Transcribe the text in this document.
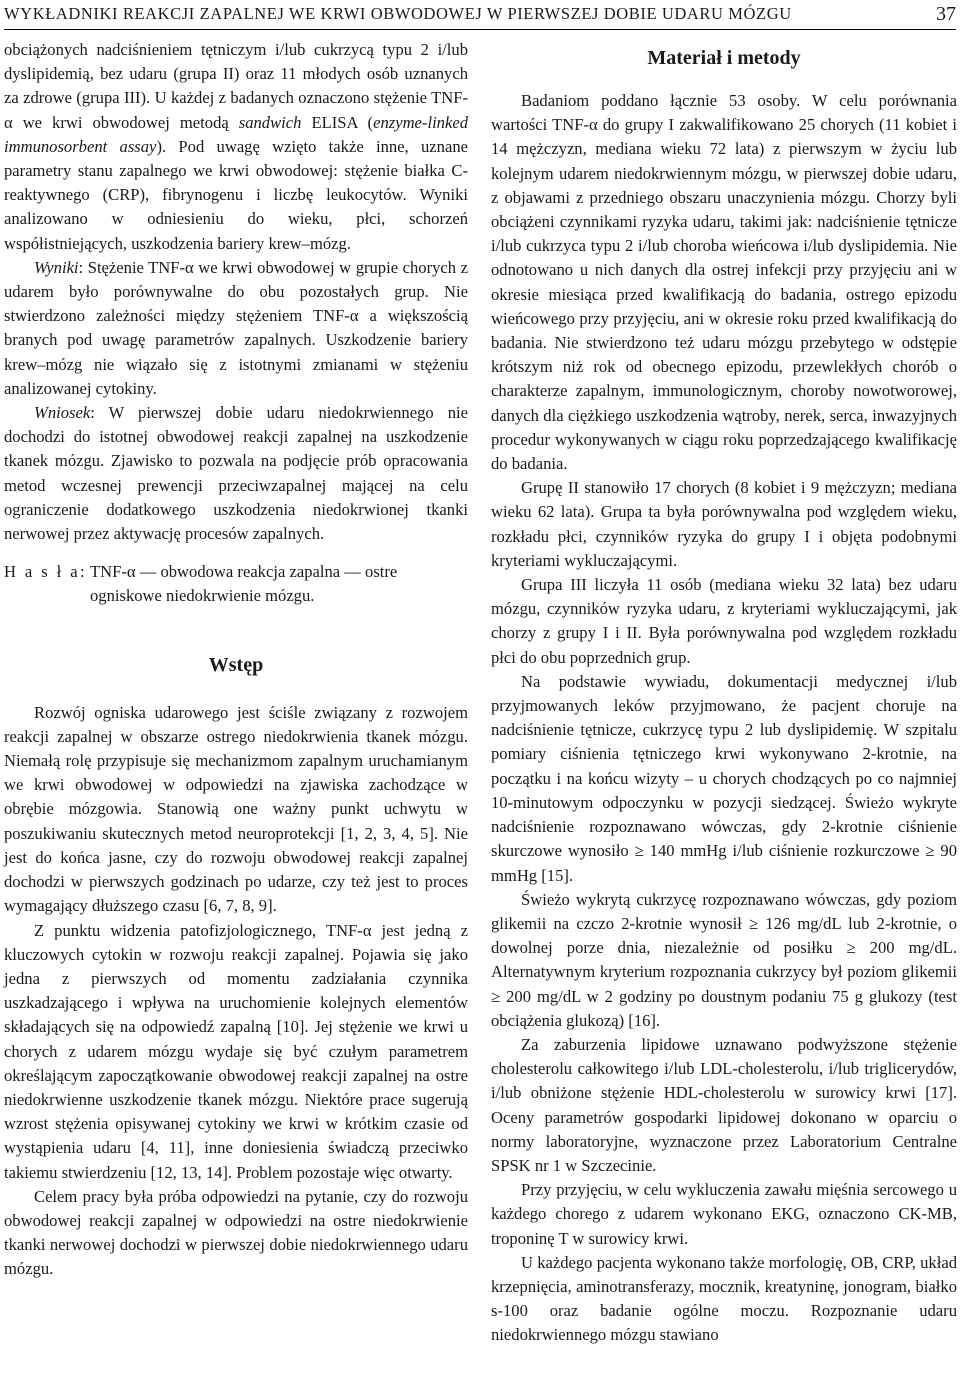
WYKŁADNIKI REAKCJI ZAPALNEJ WE KRWI OBWODOWEJ W PIERWSZEJ DOBIE UDARU MÓZGU	37

obciążonych nadciśnieniem tętniczym i/lub cukrzycą typu 2 i/lub dyslipidemią, bez udaru (grupa II) oraz 11 młodych osób uznanych za zdrowe (grupa III). U każdej z badanych oznaczono stężenie TNF-α we krwi obwodowej metodą sandwich ELISA (enzyme-linked immunosorbent assay). Pod uwagę wzięto także inne, uznane parametry stanu zapalnego we krwi obwodowej: stężenie białka C-reaktywnego (CRP), fibrynogenu i liczbę leukocytów. Wyniki analizowano w odniesieniu do wieku, płci, schorzeń współistniejących, uszkodzenia bariery krew–mózg.

Wyniki: Stężenie TNF-α we krwi obwodowej w grupie chorych z udarem było porównywalne do obu pozostałych grup. Nie stwierdzono zależności między stężeniem TNF-α a większością branych pod uwagę parametrów zapalnych. Uszkodzenie bariery krew–mózg nie wiązało się z istotnymi zmianami w stężeniu analizowanej cytokiny.

Wniosek: W pierwszej dobie udaru niedokrwiennego nie dochodzi do istotnej obwodowej reakcji zapalnej na uszkodzenie tkanek mózgu. Zjawisko to pozwala na podjęcie prób opracowania metod wczesnej prewencji przeciwzapalnej mającej na celu ograniczenie dodatkowego uszkodzenia niedokrwionej tkanki nerwowej przez aktywację procesów zapalnych.

H a s ł a: TNF-α — obwodowa reakcja zapalna — ostre ogniskowe niedokrwienie mózgu.
Wstęp

Rozwój ogniska udarowego jest ściśle związany z rozwojem reakcji zapalnej w obszarze ostrego niedokrwienia tkanek mózgu. Niemałą rolę przypisuje się mechanizmom zapalnym uruchamianym we krwi obwodowej w odpowiedzi na zjawiska zachodzące w obrębie mózgowia. Stanowią one ważny punkt uchwytu w poszukiwaniu skutecznych metod neuroprotekcji [1, 2, 3, 4, 5]. Nie jest do końca jasne, czy do rozwoju obwodowej reakcji zapalnej dochodzi w pierwszych godzinach po udarze, czy też jest to proces wymagający dłuższego czasu [6, 7, 8, 9].

Z punktu widzenia patofizjologicznego, TNF-α jest jedną z kluczowych cytokin w rozwoju reakcji zapalnej. Pojawia się jako jedna z pierwszych od momentu zadziałania czynnika uszkadzającego i wpływa na uruchomienie kolejnych elementów składających się na odpowiedź zapalną [10]. Jej stężenie we krwi u chorych z udarem mózgu wydaje się być czułym parametrem określającym zapoczątkowanie obwodowej reakcji zapalnej na ostre niedokrwienne uszkodzenie tkanek mózgu. Niektóre prace sugerują wzrost stężenia opisywanej cytokiny we krwi w krótkim czasie od wystąpienia udaru [4, 11], inne doniesienia świadczą przeciwko takiemu stwierdzeniu [12, 13, 14]. Problem pozostaje więc otwarty.

Celem pracy była próba odpowiedzi na pytanie, czy do rozwoju obwodowej reakcji zapalnej w odpowiedzi na ostre niedokrwienie tkanki nerwowej dochodzi w pierwszej dobie niedokrwiennego udaru mózgu.

Materiał i metody

Badaniom poddano łącznie 53 osoby. W celu porównania wartości TNF-α do grupy I zakwalifikowano 25 chorych (11 kobiet i 14 mężczyzn, mediana wieku 72 lata) z pierwszym w życiu lub kolejnym udarem niedokrwiennym mózgu, w pierwszej dobie udaru, z objawami z przedniego obszaru unaczynienia mózgu. Chorzy byli obciążeni czynnikami ryzyka udaru, takimi jak: nadciśnienie tętnicze i/lub cukrzyca typu 2 i/lub choroba wieńcowa i/lub dyslipidemia. Nie odnotowano u nich danych dla ostrej infekcji przy przyjęciu ani w okresie miesiąca przed kwalifikacją do badania, ostrego epizodu wieńcowego przy przyjęciu, ani w okresie roku przed kwalifikacją do badania. Nie stwierdzono też udaru mózgu przebytego w odstępie krótszym niż rok od obecnego epizodu, przewlekłych chorób o charakterze zapalnym, immunologicznym, choroby nowotworowej, danych dla ciężkiego uszkodzenia wątroby, nerek, serca, inwazyjnych procedur wykonywanych w ciągu roku poprzedzającego kwalifikację do badania.

Grupę II stanowiło 17 chorych (8 kobiet i 9 mężczyzn; mediana wieku 62 lata). Grupa ta była porównywalna pod względem wieku, rozkładu płci, czynników ryzyka do grupy I i objęta podobnymi kryteriami wykluczającymi.

Grupa III liczyła 11 osób (mediana wieku 32 lata) bez udaru mózgu, czynników ryzyka udaru, z kryteriami wykluczającymi, jak chorzy z grupy I i II. Była porównywalna pod względem rozkładu płci do obu poprzednich grup.

Na podstawie wywiadu, dokumentacji medycznej i/lub przyjmowanych leków przyjmowano, że pacjent choruje na nadciśnienie tętnicze, cukrzycę typu 2 lub dyslipidemię. W szpitalu pomiary ciśnienia tętniczego krwi wykonywano 2-krotnie, na początku i na końcu wizyty – u chorych chodzących po co najmniej 10-minutowym odpoczynku w pozycji siedzącej. Świeżo wykryte nadciśnienie rozpoznawano wówczas, gdy 2-krotnie ciśnienie skurczowe wynosiło ≥ 140 mmHg i/lub ciśnienie rozkurczowe ≥ 90 mmHg [15].

Świeżo wykrytą cukrzycę rozpoznawano wówczas, gdy poziom glikemii na czczo 2-krotnie wynosił ≥ 126 mg/dL lub 2-krotnie, o dowolnej porze dnia, niezależnie od posiłku ≥ 200 mg/dL. Alternatywnym kryterium rozpoznania cukrzycy był poziom glikemii ≥ 200 mg/dL w 2 godziny po doustnym podaniu 75 g glukozy (test obciążenia glukozą) [16].

Za zaburzenia lipidowe uznawano podwyższone stężenie cholesterolu całkowitego i/lub LDL-cholesterolu, i/lub triglicerydów, i/lub obniżone stężenie HDL-cholesterolu w surowicy krwi [17]. Oceny parametrów gospodarki lipidowej dokonano w oparciu o normy laboratoryjne, wyznaczone przez Laboratorium Centralne SPSK nr 1 w Szczecinie.

Przy przyjęciu, w celu wykluczenia zawału mięśnia sercowego u każdego chorego z udarem wykonano EKG, oznaczono CK-MB, troponinę T w surowicy krwi.

U każdego pacjenta wykonano także morfologię, OB, CRP, układ krzepnięcia, aminotransferazy, mocznik, kreatyninę, jonogram, białko s-100 oraz badanie ogólne moczu. Rozpoznanie udaru niedokrwiennego mózgu stawiano
